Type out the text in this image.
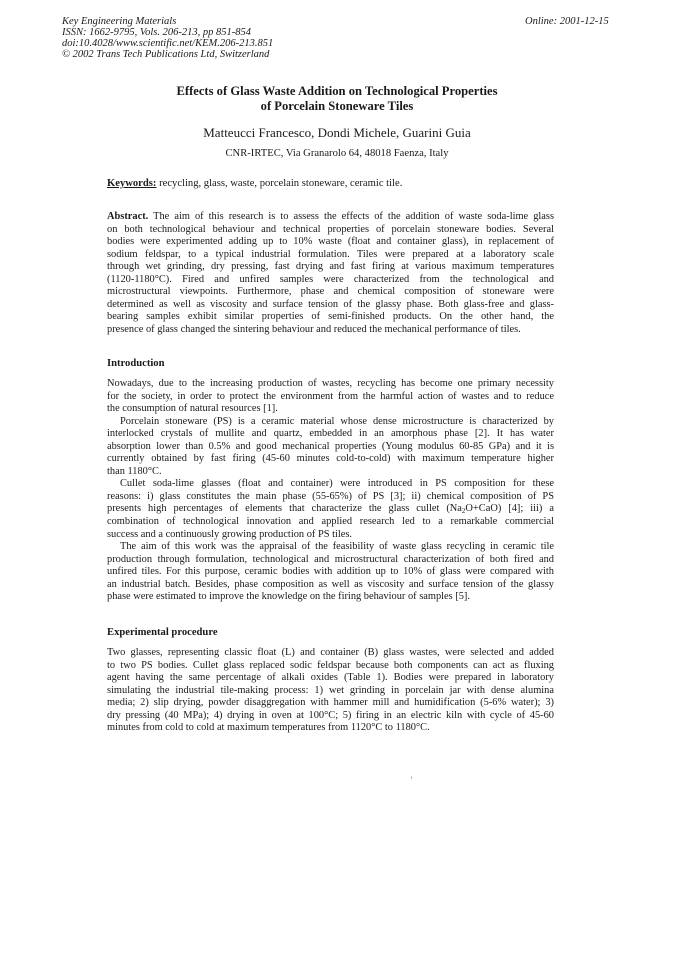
Key Engineering Materials
ISSN: 1662-9795, Vols. 206-213, pp 851-854
doi:10.4028/www.scientific.net/KEM.206-213.851
© 2002 Trans Tech Publications Ltd, Switzerland
Online: 2001-12-15
Effects of Glass Waste Addition on Technological Properties
of Porcelain Stoneware Tiles
Matteucci Francesco, Dondi Michele, Guarini Guia
CNR-IRTEC, Via Granarolo 64, 48018 Faenza, Italy
Keywords: recycling, glass, waste, porcelain stoneware, ceramic tile.
Abstract. The aim of this research is to assess the effects of the addition of waste soda-lime glass
on both technological behaviour and technical properties of porcelain stoneware bodies. Several
bodies were experimented adding up to 10% waste (float and container glass), in replacement of
sodium feldspar, to a typical industrial formulation. Tiles were prepared at a laboratory scale
through wet grinding, dry pressing, fast drying and fast firing at various maximum temperatures
(1120-1180°C). Fired and unfired samples were characterized from the technological and
microstructural viewpoints. Furthermore, phase and chemical composition of stoneware were
determined as well as viscosity and surface tension of the glassy phase. Both glass-free and glass-
bearing samples exhibit similar properties of semi-finished products. On the other hand, the
presence of glass changed the sintering behaviour and reduced the mechanical performance of tiles.
Introduction
Nowadays, due to the increasing production of wastes, recycling has become one primary necessity
for the society, in order to protect the environment from the harmful action of wastes and to reduce
the consumption of natural resources [1].
Porcelain stoneware (PS) is a ceramic material whose dense microstructure is characterized by
interlocked crystals of mullite and quartz, embedded in an amorphous phase [2]. It has water
absorption lower than 0.5% and good mechanical properties (Young modulus 60-85 GPa) and it is
currently obtained by fast firing (45-60 minutes cold-to-cold) with maximum temperature higher
than 1180°C.
Cullet soda-lime glasses (float and container) were introduced in PS composition for these
reasons: i) glass constitutes the main phase (55-65%) of PS [3]; ii) chemical composition of PS
presents high percentages of elements that characterize the glass cullet $(Na_2O+CaO)$ [4]; iii) a
combination of technological innovation and applied research led to a remarkable commercial
success and a continuously growing production of PS tiles.
The aim of this work was the appraisal of the feasibility of waste glass recycling in ceramic tile
production through formulation, technological and microstructural characterization of both fired and
unfired tiles. For this purpose, ceramic bodies with addition up to 10% of glass were compared with
an industrial batch. Besides, phase composition as well as viscosity and surface tension of the glassy
phase were estimated to improve the knowledge on the firing behaviour of samples [5].
Experimental procedure
Two glasses, representing classic float (L) and container (B) glass wastes, were selected and added
to two PS bodies. Cullet glass replaced sodic feldspar because both components can act as fluxing
agent having the same percentage of alkali oxides (Table 1). Bodies were prepared in laboratory
simulating the industrial tile-making process: 1) wet grinding in porcelain jar with dense alumina
media; 2) slip drying, powder disaggregation with hammer mill and humidification (5-6% water); 3)
dry pressing (40 MPa); 4) drying in oven at 100°C; 5) firing in an electric kiln with cycle of 45-60
minutes from cold to cold at maximum temperatures from 1120°C to 1180°C.
’
